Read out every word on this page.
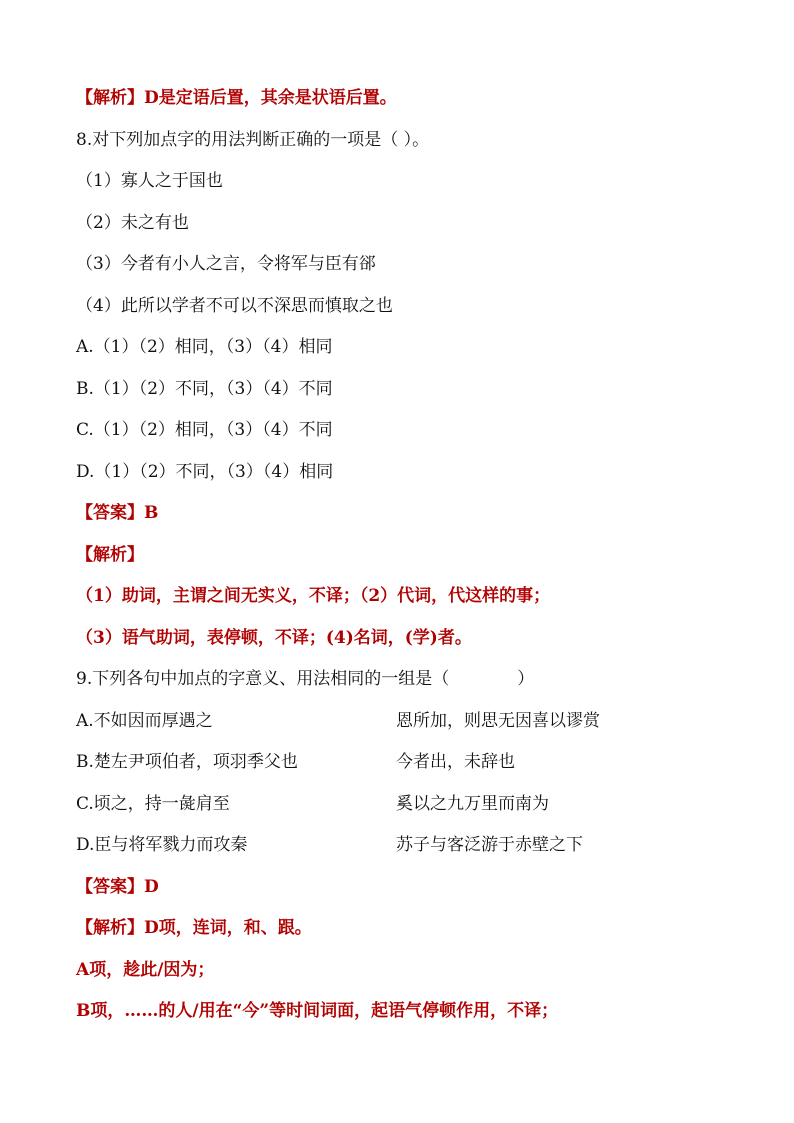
【解析】D是定语后置，其余是状语后置。
8.对下列加点字的用法判断正确的一项是（ ）。
（1）寡人之于国也
（2）未之有也
（3）今者有小人之言，令将军与臣有郤
（4）此所以学者不可以不深思而慎取之也
A.（1）（2）相同，（3）（4）相同
B.（1）（2）不同，（3）（4）不同
C.（1）（2）相同，（3）（4）不同
D.（1）（2）不同，（3）（4）相同
【答案】B
【解析】
（1）助词，主谓之间无实义，不译；（2）代词，代这样的事；
（3）语气助词，表停顿，不译；(4)名词，(学)者。
9.下列各句中加点的字意义、用法相同的一组是（	）
A.不如因而厚遇之	恩所加，则思无因喜以谬赏
B.楚左尹项伯者，项羽季父也	今者出，未辞也
C.顷之，持一彘肩至	奚以之九万里而南为
D.臣与将军戮力而攻秦	苏子与客泛游于赤壁之下
【答案】D
【解析】D项，连词，和、跟。
A项，趁此/因为；
B项，……的人/用在“今”等时间词面，起语气停顿作用，不译；
